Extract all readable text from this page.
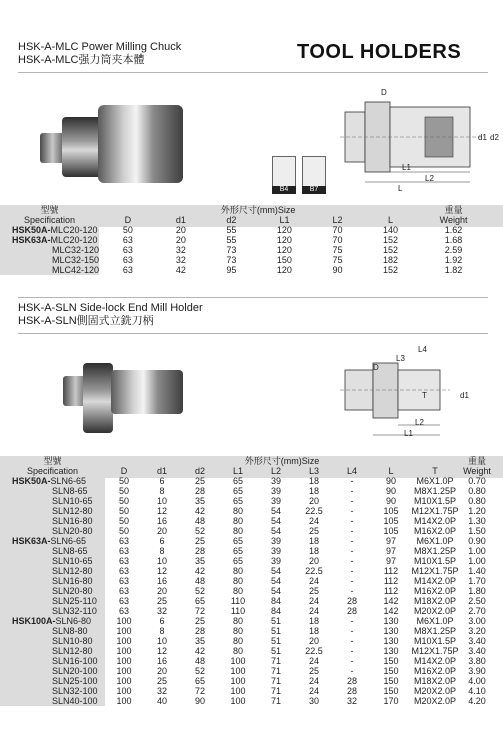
HSK-A-MLC Power Milling Chuck
HSK-A-MLC强力筒夹本體	TOOL HOLDERS
D
d1 d2
L1
L2
L
B4	B7
型號	外形尺寸(mm)Size						重量
Specification	D	d1	d2	L1	L2	L	Weight
HSK50A-MLC20-120	50	20	55	120	70	140	1.62
HSK63A-MLC20-120	63	20	55	120	70	152	1.68
MLC32-120	63	32	73	120	75	152	2.59
MLC32-150	63	32	73	150	75	182	1.92
MLC42-120	63	42	95	120	90	152	1.82
HSK-A-SLN Side-lock End Mill Holder
HSK-A-SLN側固式立銑刀柄
L4
L3
D
T	d1
L2
L1
型號	外形尺寸(mm)Size									重量
Specification	D	d1	d2	L1	L2	L3	L4	L	T	Weight
HSK50A-SLN6-65	50	6	25	65	39	18	-	90	M6X1.0P	0.70
SLN8-65	50	8	28	65	39	18	-	90	M8X1.25P	0.80
SLN10-65	50	10	35	65	39	20	-	90	M10X1.5P	0.80
SLN12-80	50	12	42	80	54	22.5	-	105	M12X1.75P	1.20
SLN16-80	50	16	48	80	54	24	-	105	M14X2.0P	1.30
SLN20-80	50	20	52	80	54	25	-	105	M16X2.0P	1.50
HSK63A-SLN6-65	63	6	25	65	39	18	-	97	M6X1.0P	0.90
SLN8-65	63	8	28	65	39	18	-	97	M8X1.25P	1.00
SLN10-65	63	10	35	65	39	20	-	97	M10X1.5P	1.00
SLN12-80	63	12	42	80	54	22.5	-	112	M12X1.75P	1.40
SLN16-80	63	16	48	80	54	24	-	112	M14X2.0P	1.70
SLN20-80	63	20	52	80	54	25	-	112	M16X2.0P	1.80
SLN25-110	63	25	65	110	84	24	28	142	M18X2.0P	2.50
SLN32-110	63	32	72	110	84	24	28	142	M20X2.0P	2.70
HSK100A-SLN6-80	100	6	25	80	51	18	-	130	M6X1.0P	3.00
SLN8-80	100	8	28	80	51	18	-	130	M8X1.25P	3.20
SLN10-80	100	10	35	80	51	20	-	130	M10X1.5P	3.40
SLN12-80	100	12	42	80	51	22.5	-	130	M12X1.75P	3.40
SLN16-100	100	16	48	100	71	24	-	150	M14X2.0P	3.80
SLN20-100	100	20	52	100	71	25	-	150	M16X2.0P	3.90
SLN25-100	100	25	65	100	71	24	28	150	M18X2.0P	4.00
SLN32-100	100	32	72	100	71	24	28	150	M20X2.0P	4.10
SLN40-100	100	40	90	100	71	30	32	170	M20X2.0P	4.20
